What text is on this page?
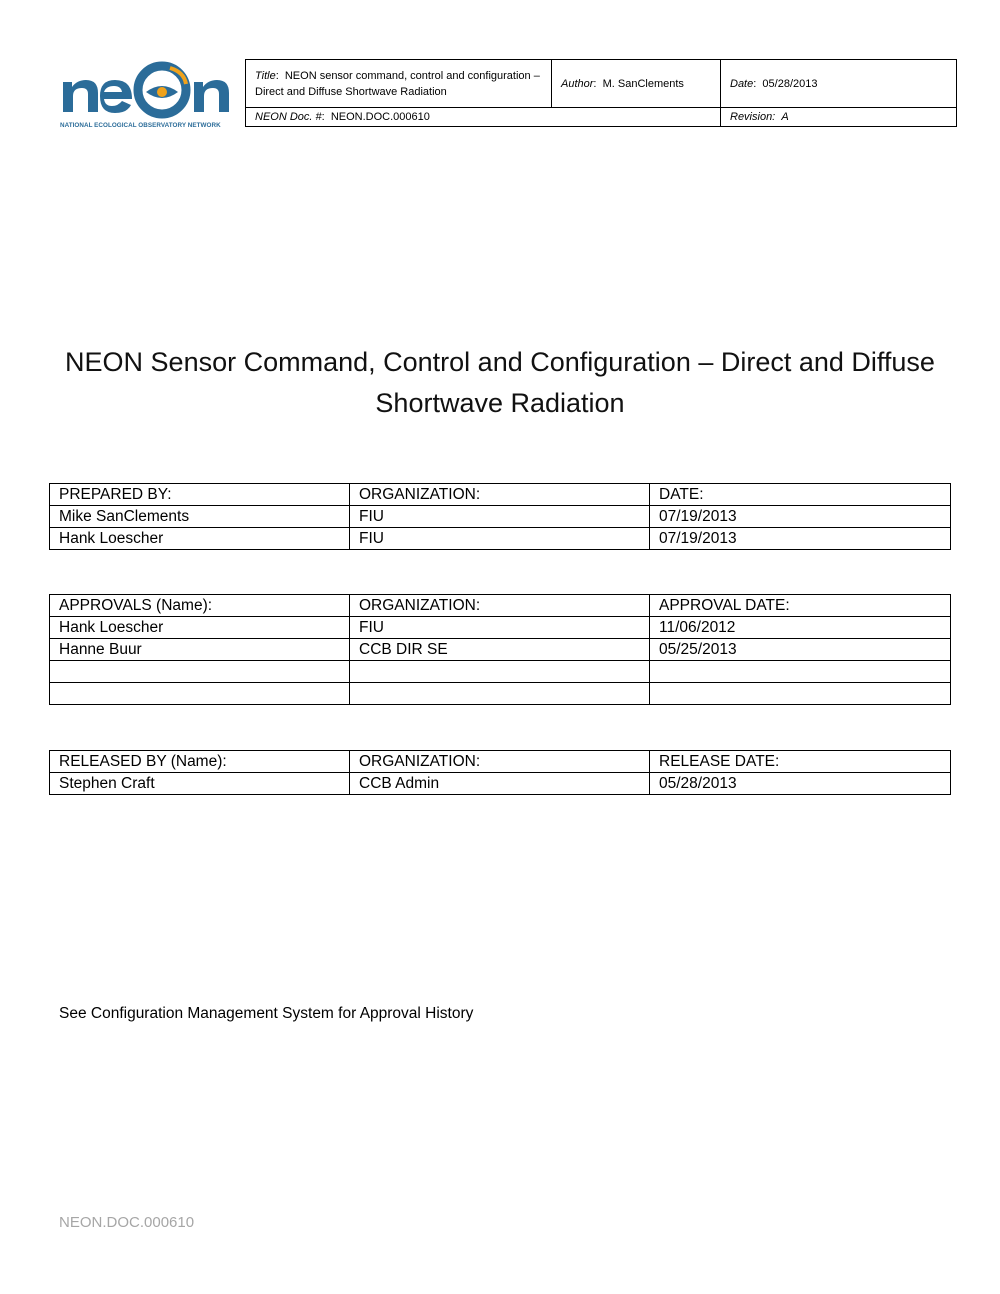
NATIONAL ECOLOGICAL OBSERVATORY NETWORK
Title:  NEON sensor command, control and configuration – Direct and Diffuse Shortwave Radiation	Author:  M. SanClements	Date:  05/28/2013
NEON Doc. #:  NEON.DOC.000610		Revision: A
NEON Sensor Command, Control and Configuration – Direct and Diffuse Shortwave Radiation
PREPARED BY:	ORGANIZATION:	DATE:
Mike SanClements	FIU	07/19/2013
Hank Loescher	FIU	07/19/2013
APPROVALS (Name):	ORGANIZATION:	APPROVAL DATE:
Hank Loescher	FIU	11/06/2012
Hanne Buur	CCB DIR SE	05/25/2013

RELEASED BY (Name):	ORGANIZATION:	RELEASE DATE:
Stephen Craft	CCB Admin	05/28/2013
See Configuration Management System for Approval History
NEON.DOC.000610
